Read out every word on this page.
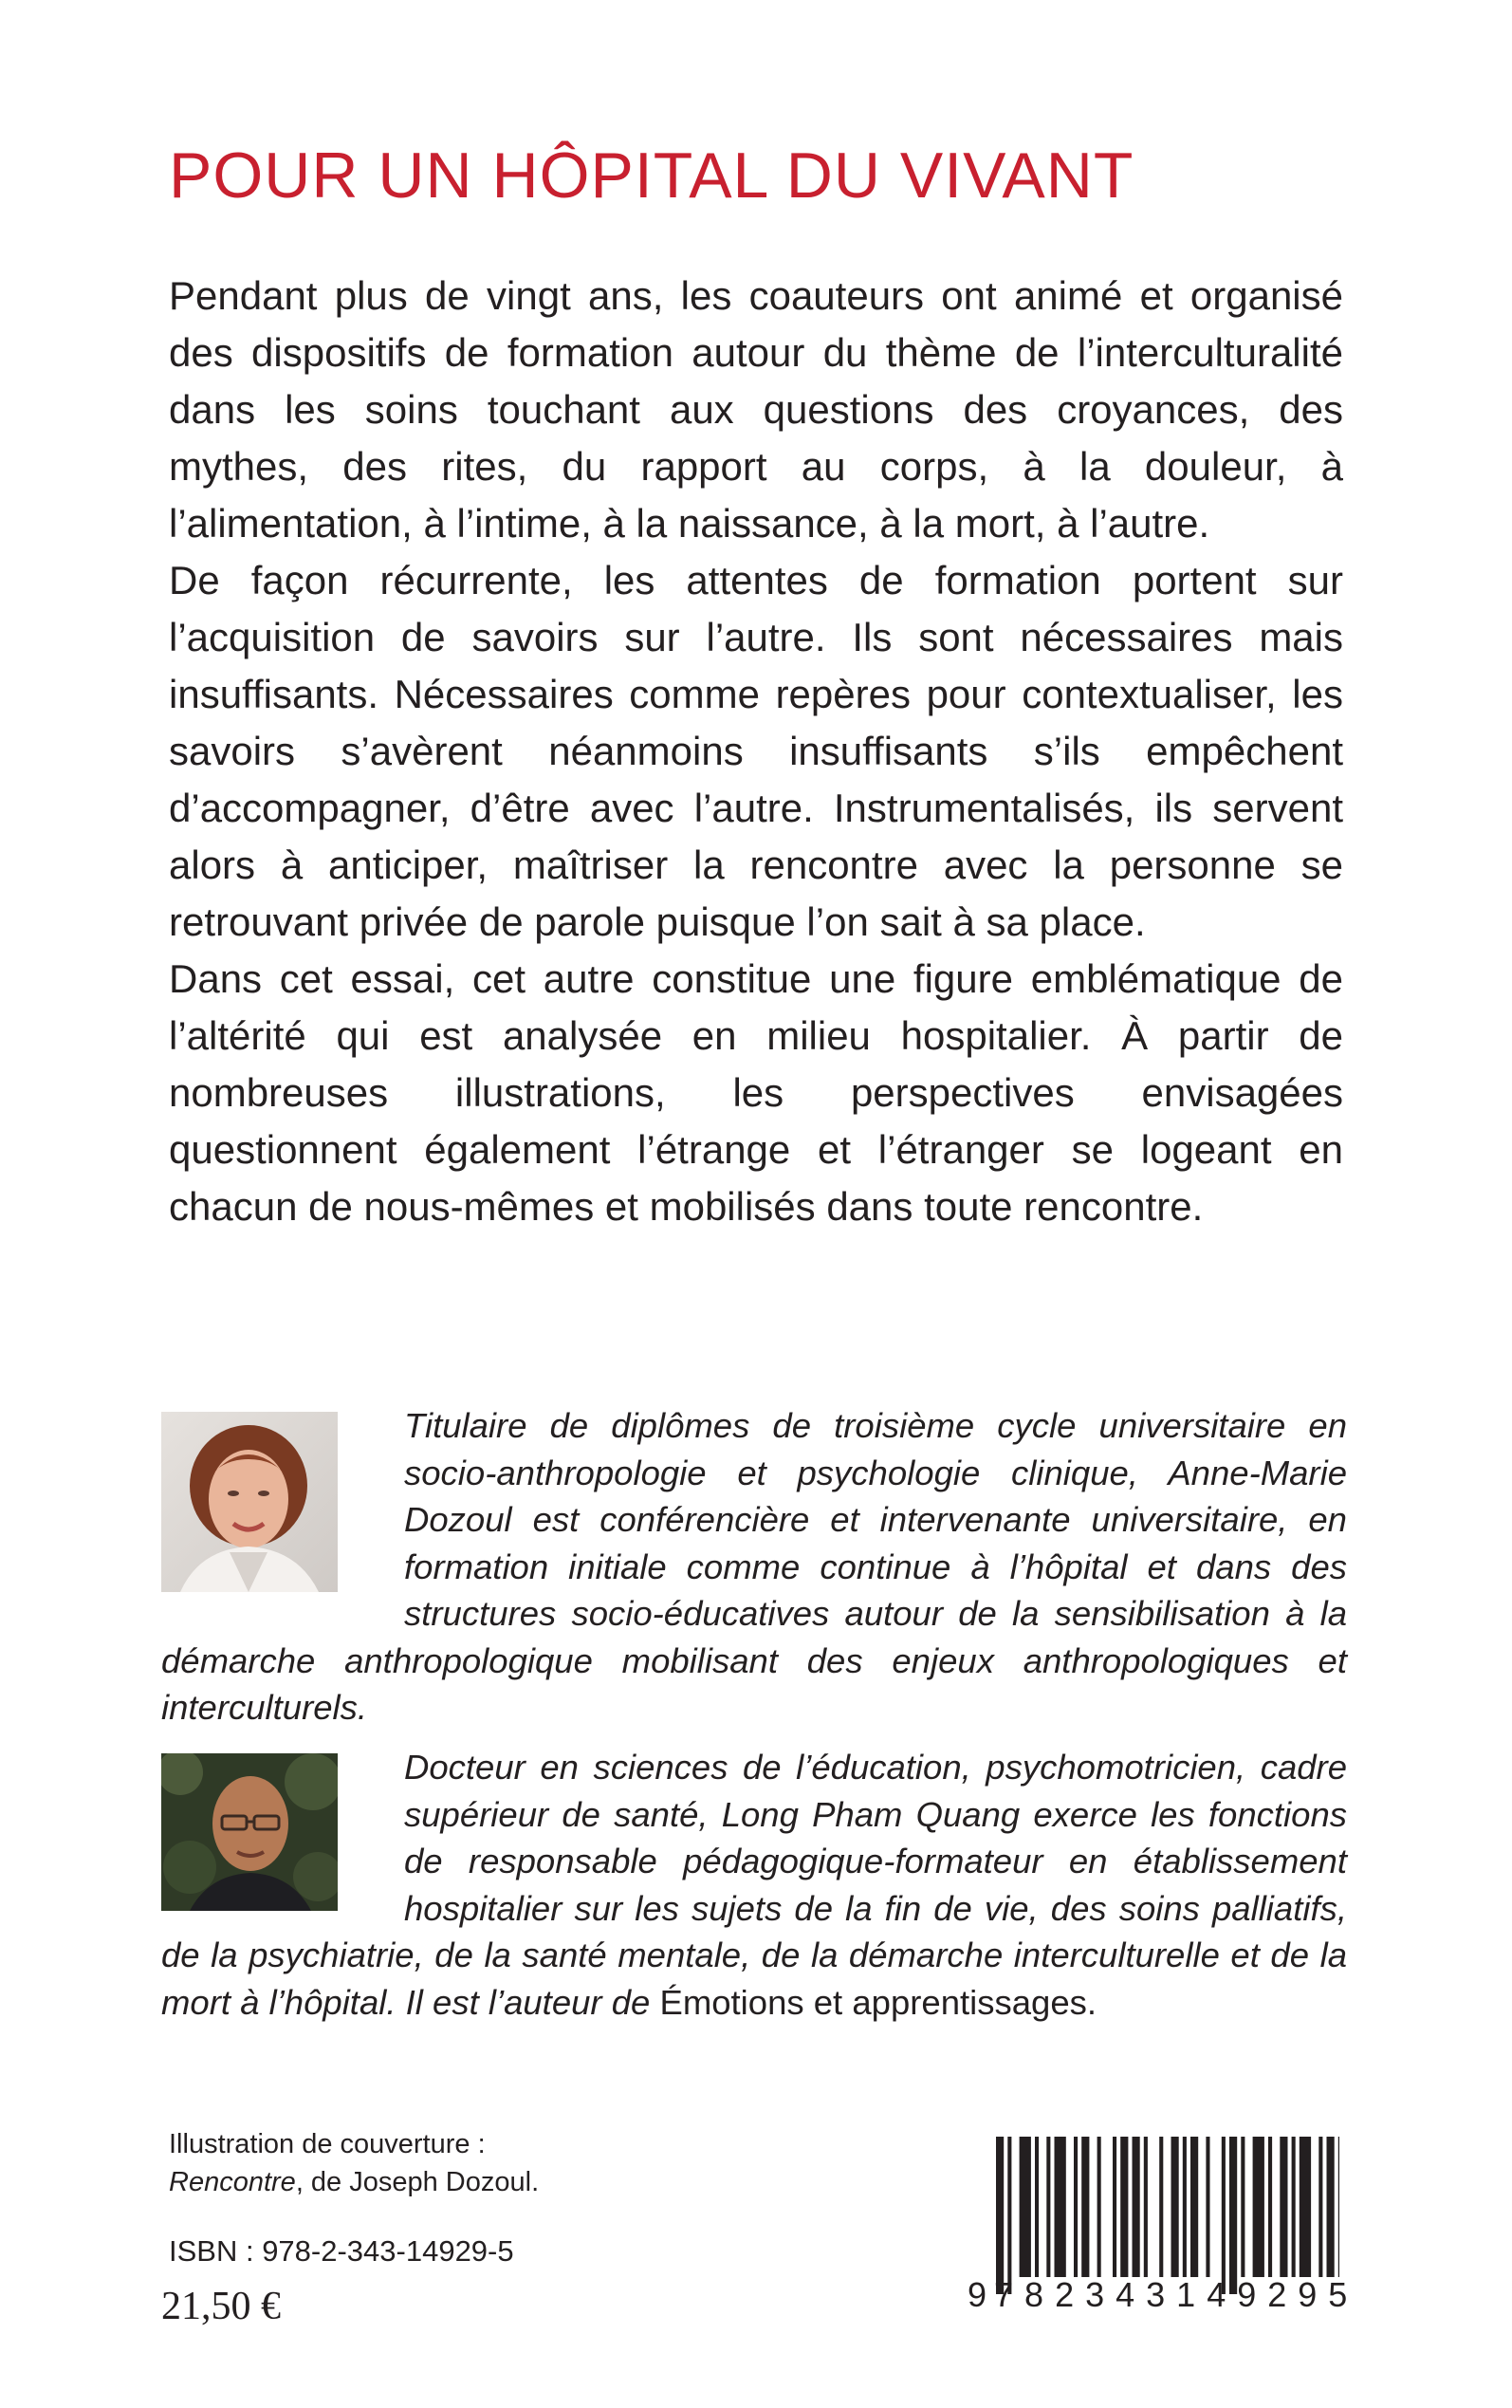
POUR UN HÔPITAL DU VIVANT

Pendant plus de vingt ans, les coauteurs ont animé et organisé des dispositifs de formation autour du thème de l’interculturalité dans les soins touchant aux questions des croyances, des mythes, des rites, du rapport au corps, à la douleur, à l’alimentation, à l’intime, à la naissance, à la mort, à l’autre.

De façon récurrente, les attentes de formation portent sur l’acquisition de savoirs sur l’autre. Ils sont nécessaires mais insuffisants. Nécessaires comme repères pour contextualiser, les savoirs s’avèrent néanmoins insuffisants s’ils empêchent d’accompagner, d’être avec l’autre. Instrumentalisés, ils servent alors à anticiper, maîtriser la rencontre avec la personne se retrouvant privée de parole puisque l’on sait à sa place.

Dans cet essai, cet autre constitue une figure emblématique de l’altérité qui est analysée en milieu hospitalier. À partir de nombreuses illustrations, les perspectives envisagées questionnent également l’étrange et l’étranger se logeant en chacun de nous-mêmes et mobilisés dans toute rencontre.

Titulaire de diplômes de troisième cycle universitaire en socio-anthropologie et psychologie clinique, Anne-Marie Dozoul est conférencière et intervenante universitaire, en formation initiale comme continue à l’hôpital et dans des structures socio-éducatives autour de la sensibilisation à la démarche anthropologique mobilisant des enjeux anthropologiques et interculturels.

Docteur en sciences de l’éducation, psychomotricien, cadre supérieur de santé, Long Pham Quang exerce les fonctions de responsable pédagogique-formateur en établissement hospitalier sur les sujets de la fin de vie, des soins palliatifs, de la psychiatrie, de la santé mentale, de la démarche interculturelle et de la mort à l’hôpital. Il est l’auteur de Émotions et apprentissages.

Illustration de couverture :
Rencontre, de Joseph Dozoul.
ISBN : 978-2-343-14929-5
21,50 €	9 782343 149295
